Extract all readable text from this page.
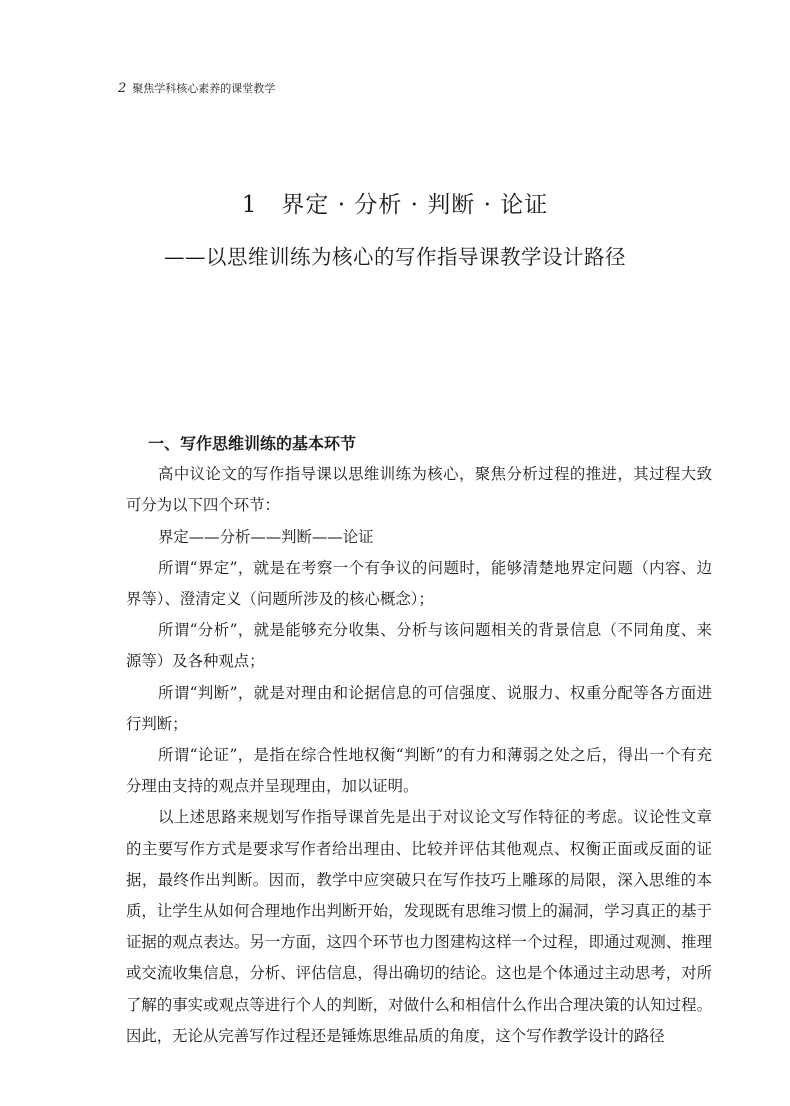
2 聚焦学科核心素养的课堂教学
1 界定 · 分析 · 判断 · 论证
——以思维训练为核心的写作指导课教学设计路径
一、写作思维训练的基本环节

高中议论文的写作指导课以思维训练为核心，聚焦分析过程的推进，其过程大致可分为以下四个环节：

界定——分析——判断——论证

所谓“界定”，就是在考察一个有争议的问题时，能够清楚地界定问题（内容、边界等）、澄清定义（问题所涉及的核心概念）；

所谓“分析”，就是能够充分收集、分析与该问题相关的背景信息（不同角度、来源等）及各种观点；

所谓“判断”，就是对理由和论据信息的可信强度、说服力、权重分配等各方面进行判断；

所谓“论证”，是指在综合性地权衡“判断”的有力和薄弱之处之后，得出一个有充分理由支持的观点并呈现理由，加以证明。

以上述思路来规划写作指导课首先是出于对议论文写作特征的考虑。议论性文章的主要写作方式是要求写作者给出理由、比较并评估其他观点、权衡正面或反面的证据，最终作出判断。因而，教学中应突破只在写作技巧上雕琢的局限，深入思维的本质，让学生从如何合理地作出判断开始，发现既有思维习惯上的漏洞，学习真正的基于证据的观点表达。另一方面，这四个环节也力图建构这样一个过程，即通过观测、推理或交流收集信息，分析、评估信息，得出确切的结论。这也是个体通过主动思考，对所了解的事实或观点等进行个人的判断，对做什么和相信什么作出合理决策的认知过程。因此，无论从完善写作过程还是锤炼思维品质的角度，这个写作教学设计的路径
